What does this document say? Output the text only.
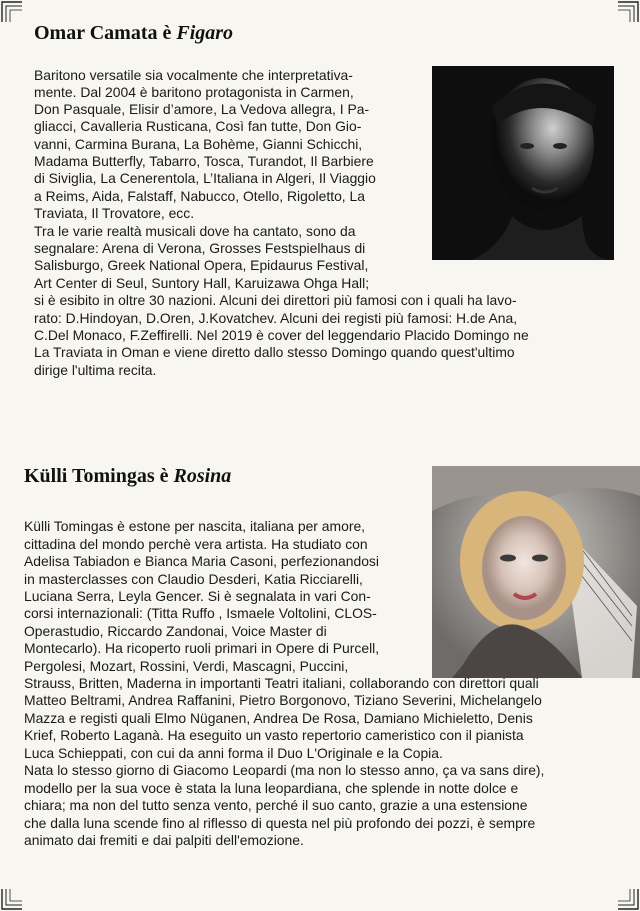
Omar Camata è Figaro
Baritono versatile sia vocalmente che interpretativa-
mente. Dal 2004 è baritono protagonista in Carmen,
Don Pasquale, Elisir d’amore, La Vedova allegra, I Pa-
gliacci, Cavalleria Rusticana, Così fan tutte, Don Gio-
vanni, Carmina Burana, La Bohème, Gianni Schicchi,
Madama Butterfly, Tabarro, Tosca, Turandot, Il Barbiere
di Siviglia, La Cenerentola, L’Italiana in Algeri, Il Viaggio
a Reims, Aida, Falstaff, Nabucco, Otello, Rigoletto, La
Traviata, Il Trovatore, ecc.
Tra le varie realtà musicali dove ha cantato, sono da
segnalare: Arena di Verona, Grosses Festspielhaus di
Salisburgo, Greek National Opera, Epidaurus Festival,
Art Center di Seul, Suntory Hall, Karuizawa Ohga Hall;
si è esibito in oltre 30 nazioni. Alcuni dei direttori più famosi con i quali ha lavo-
rato: D.Hindoyan, D.Oren, J.Kovatchev. Alcuni dei registi più famosi: H.de Ana,
C.Del Monaco, F.Zeffirelli. Nel 2019 è cover del leggendario Placido Domingo ne
La Traviata in Oman e viene diretto dallo stesso Domingo quando quest'ultimo
dirige l'ultima recita.
Külli Tomingas è Rosina
Külli Tomingas è estone per nascita, italiana per amore,
cittadina del mondo perchè vera artista. Ha studiato con
Adelisa Tabiadon e Bianca Maria Casoni, perfezionandosi
in masterclasses con Claudio Desderi, Katia Ricciarelli,
Luciana Serra, Leyla Gencer. Si è segnalata in vari Con-
corsi internazionali: (Titta Ruffo , Ismaele Voltolini, CLOS-
Operastudio, Riccardo Zandonai, Voice Master di
Montecarlo). Ha ricoperto ruoli primari in Opere di Purcell,
Pergolesi, Mozart, Rossini, Verdi, Mascagni, Puccini,
Strauss, Britten, Maderna in importanti Teatri italiani, collaborando con direttori quali
Matteo Beltrami, Andrea Raffanini, Pietro Borgonovo, Tiziano Severini, Michelangelo
Mazza e registi quali Elmo Nüganen, Andrea De Rosa, Damiano Michieletto, Denis
Krief, Roberto Laganà. Ha eseguito un vasto repertorio cameristico con il pianista
Luca Schieppati, con cui da anni forma il Duo L'Originale e la Copia.
Nata lo stesso giorno di Giacomo Leopardi (ma non lo stesso anno, ça va sans dire),
modello per la sua voce è stata la luna leopardiana, che splende in notte dolce e
chiara; ma non del tutto senza vento, perché il suo canto, grazie a una estensione
che dalla luna scende fino al riflesso di questa nel più profondo dei pozzi, è sempre
animato dai fremiti e dai palpiti dell'emozione.
